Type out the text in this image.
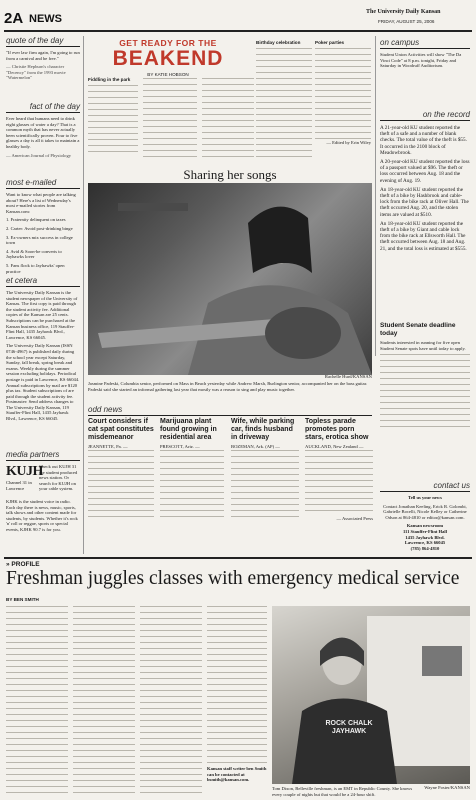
2A NEWS
The University Daily Kansan
FRIDAY, AUGUST 25, 2006
quote of the day

"If ever law firm again, I'm going to run from a carnival and be free."

— Christie Hepburn's character "Decency" from the 1993 movie "Watermelon"

fact of the day

Ever heard that humans need to drink eight glasses of water a day? That is a common myth that has never actually been scientifically proven. Four to five glasses a day is all it takes to maintain a healthy body.

— American Journal of Physiology

most e-mailed

Want to know what people are talking about? Here's a list of Wednesday's most e-mailed stories from Kansan.com:

1. Fraternity delinquent on taxes

2. Carter: Avoid post-drinking binge

3. Ex-owners mix success in college town

4. Avid & Soon-be converts to Jayhawks lover

5. Fans flock to Jayhawks' open practice

et cetera

The University Daily Kansan is the student newspaper of the University of Kansas. The first copy is paid through the student activity fee. Additional copies of the Kansan are 25 cents. Subscriptions can be purchased at the Kansan business office, 119 Stauffer-Flint Hall, 1435 Jayhawk Blvd., Lawrence, KS 66045.

The University Daily Kansan (ISSN 0746-4967) is published daily during the school year except Saturday, Sunday, fall break, spring break and exams. Weekly during the summer session excluding holidays. Periodical postage is paid in Lawrence, KS 66044. Annual subscriptions by mail are $120 plus tax. Student subscriptions of are paid through the student activity fee. Postmaster: Send address changes to The University Daily Kansan, 119 Stauffer-Flint Hall, 1435 Jayhawk Blvd., Lawrence, KS 66045.

media partners
KUJH
Channel 31 in Lawrence

Check out KUJH 31 the student produced news station. Or search for KUJH on your cable system.

KJHK is the student voice in radio. Each day there is news, music, sports, talk shows and other content made for students, by students. Whether it's rock 'n' roll or reggae, sports or special events, KJHK 90.7 is for you.

GET READY FOR THE
BEAKEND
BY KATIE HOBSON
Fiddling in the park
Birthday celebration	Poker parties
— Edited by Erin Wiley
Sharing her songs
Rachelle Hurd/KANSAN
Jasmine Padeski, Columbia senior, performed on Mass in Beach yesterday while Andrew Marsh, Burlington senior, accompanied her on the bass guitar. Padeski said she started an informal gathering last year that mostly was a reason to sing and play music together.
odd news
Court considers if cat spat constitutes misdemeanor
JEANNETTE, Pa. —
Marijuana plant found growing in residential area
PRESCOTT, Ariz. —
Wife, while parking car, finds husband in driveway
BOZEMAN, Ark. (AP) —
Topless parade promotes porn stars, erotica show
AUCKLAND, New Zealand —
— Associated Press
on campus

Student Union Activities will show "The Da Vinci Code" at 8 p.m. tonight, Friday and Saturday in Woodruff Auditorium.

on the record

A 21-year-old KU student reported the theft of a safe and a number of blank checks. The total value of the theft is $55. It occurred in the 2100 block of Meadowbrook.

A 20-year-old KU student reported the loss of a passport valued at $96. The theft or loss occurred between Aug. 18 and the evening of Aug. 19.

An 18-year-old KU student reported the theft of a bike by Hashbrook and cable-lock from the bike rack at Oliver Hall. The theft occurred Aug. 20, and the stolen items are valued at $510.

An 18-year-old KU student reported the theft of a bike by Giant and cable lock from the bike rack at Ellsworth Hall. The theft occurred between Aug. 18 and Aug. 21, and the total loss is estimated at $555.

Student Senate deadline today

Students interested in running for five open Student Senate spots have until today to apply.

contact us

Tell us your news

Contact Jonathan Keeling, Erick R. Golombi, Gabrielle Bocelli, Nicole Kelley or Catherine Odson at 864-4810 or editor@kansan.com.

Kansan newsroom
111 Stauffer-Flint Hall
1435 Jayhawk Blvd.
Lawrence, KS 66045
(785) 864-4810

» PROFILE
Freshman juggles classes with emergency medical service
BY BEN SMITH

Kansan staff writer ben Smith can be contacted at bsmith@kansan.com.

ROCK CHALK JAYHAWK
Wayne Foster/KANSAN
Tom Dixon, Belleville freshman, is an EMT in Republic County. She knows every couple of nights but that would be a 24-hour shift.
